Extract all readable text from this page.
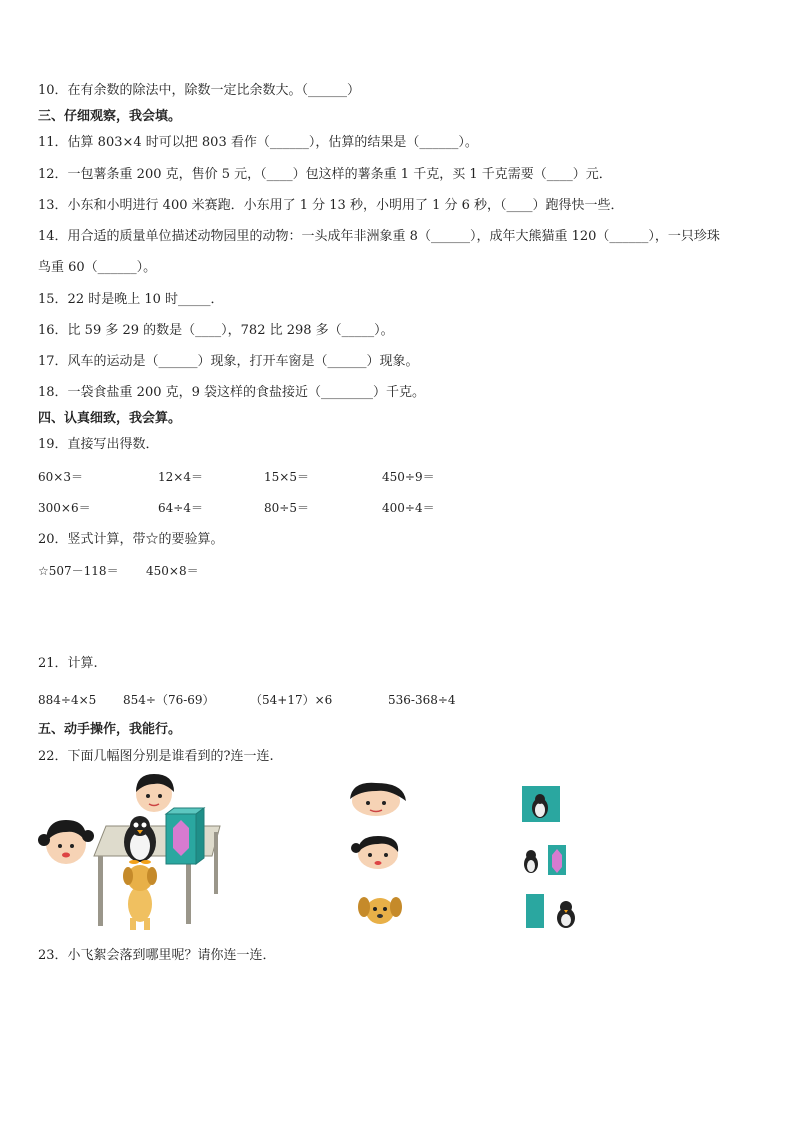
10．在有余数的除法中，除数一定比余数大。（______）
三、仔细观察，我会填。
11．估算 803×4 时可以把 803 看作（______），估算的结果是（______）。
12．一包薯条重 200 克，售价 5 元，（____）包这样的薯条重 1 千克，买 1 千克需要（____）元．
13．小东和小明进行 400 米赛跑．小东用了 1 分 13 秒，小明用了 1 分 6 秒，（____）跑得快一些．
14．用合适的质量单位描述动物园里的动物：一头成年非洲象重 8（______），成年大熊猫重 120（______），一只珍珠
鸟重 60（______）。
15．22 时是晚上 10 时_____．
16．比 59 多 29 的数是（____），782 比 298 多（_____）。
17．风车的运动是（______）现象，打开车窗是（______）现象。
18．一袋食盐重 200 克，9 袋这样的食盐接近（________）千克。
四、认真细致，我会算。
19．直接写出得数．
60×3＝	12×4＝	15×5＝	450÷9＝
300×6＝	64÷4＝	80÷5＝	400÷4＝
20．竖式计算，带☆的要验算。
☆507－118＝ 450×8＝
21．计算.
884÷4×5 854÷（76-69）	（54+17）×6	536-368÷4
五、动手操作，我能行。
22．下面几幅图分别是谁看到的?连一连.
23．小飞絮会落到哪里呢？请你连一连．
